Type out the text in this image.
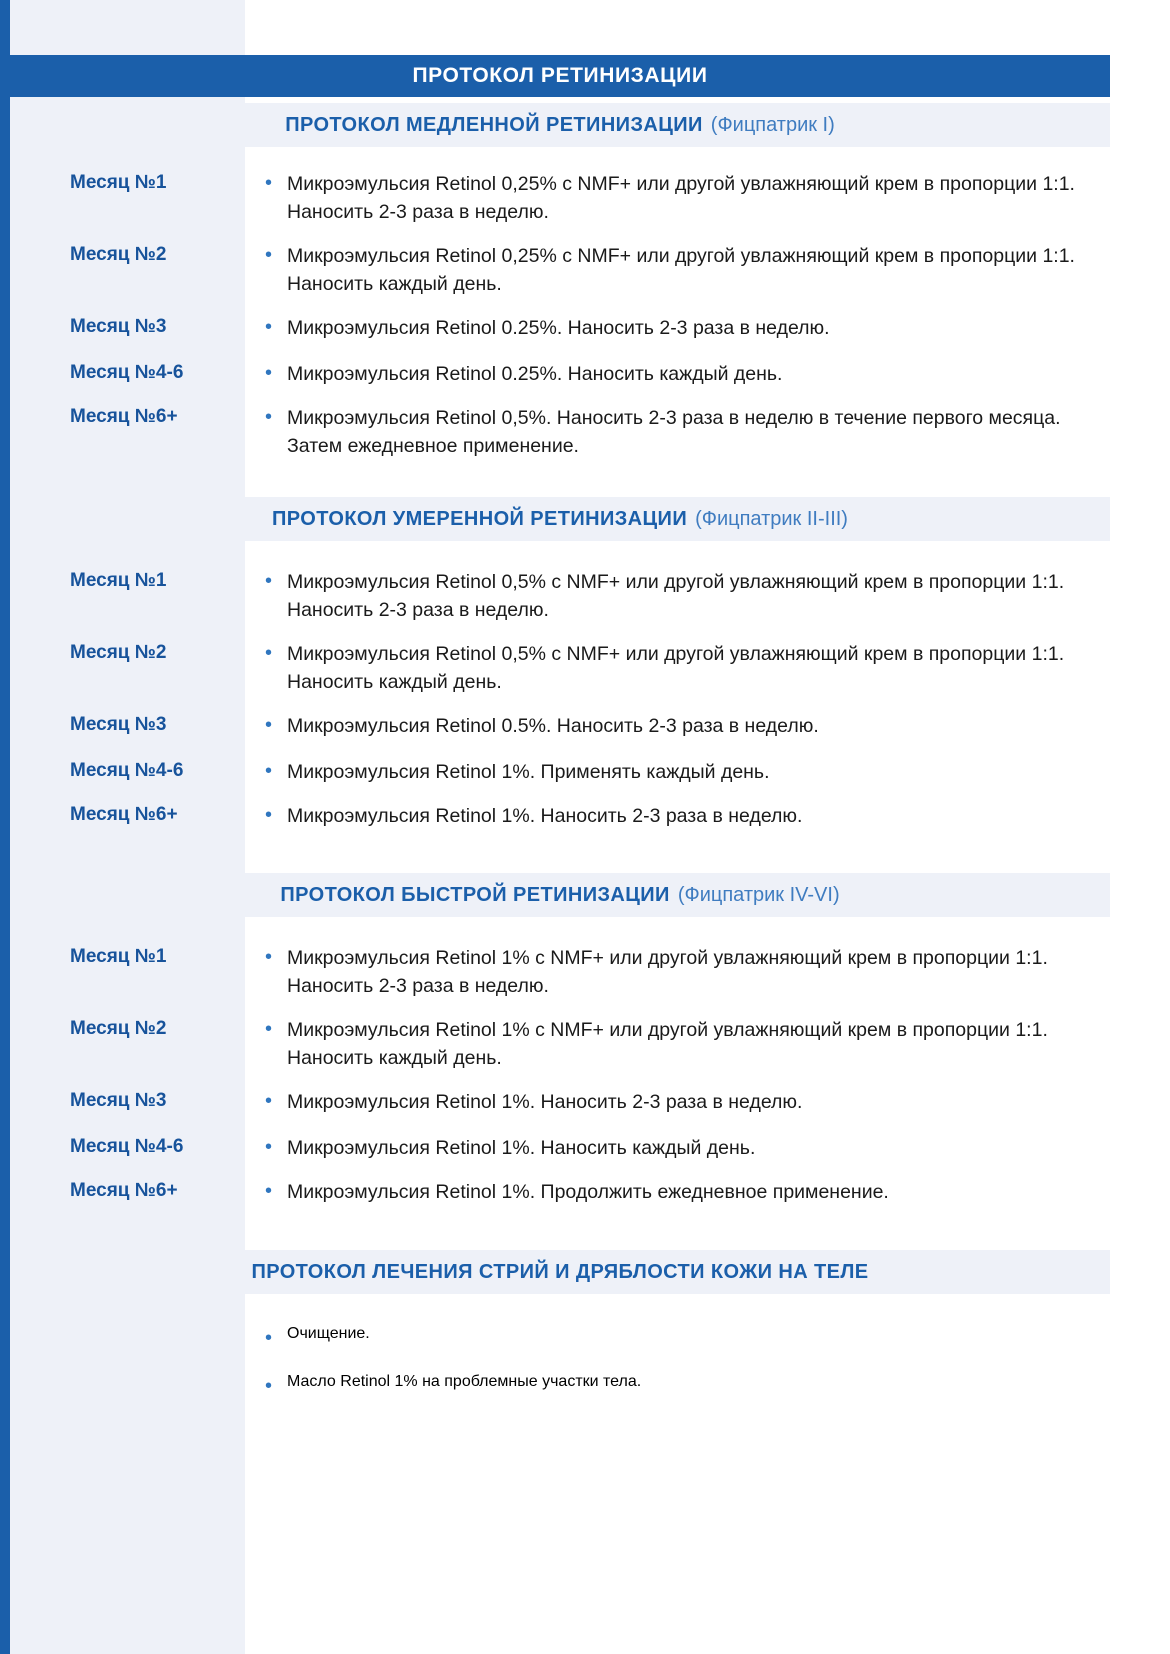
ПРОТОКОЛ РЕТИНИЗАЦИИ
ПРОТОКОЛ МЕДЛЕННОЙ РЕТИНИЗАЦИИ (Фицпатрик I)
Месяц №1	• Микроэмульсия Retinol 0,25% с NMF+ или другой увлажняющий крем в пропорции 1:1. Наносить 2-3 раза в неделю.
Месяц №2	• Микроэмульсия Retinol 0,25% с NMF+ или другой увлажняющий крем в пропорции 1:1. Наносить каждый день.
Месяц №3	• Микроэмульсия Retinol 0.25%. Наносить 2-3 раза в неделю.
Месяц №4-6	• Микроэмульсия Retinol 0.25%. Наносить каждый день.
Месяц №6+	• Микроэмульсия Retinol 0,5%. Наносить 2-3 раза в неделю в течение первого месяца. Затем ежедневное применение.
ПРОТОКОЛ УМЕРЕННОЙ РЕТИНИЗАЦИИ (Фицпатрик II-III)
Месяц №1	• Микроэмульсия Retinol 0,5% с NMF+ или другой увлажняющий крем в пропорции 1:1. Наносить 2-3 раза в неделю.
Месяц №2	• Микроэмульсия Retinol 0,5% с NMF+ или другой увлажняющий крем в пропорции 1:1. Наносить каждый день.
Месяц №3	• Микроэмульсия Retinol 0.5%. Наносить 2-3 раза в неделю.
Месяц №4-6	• Микроэмульсия Retinol 1%. Применять каждый день.
Месяц №6+	• Микроэмульсия Retinol 1%. Наносить 2-3 раза в неделю.
ПРОТОКОЛ БЫСТРОЙ РЕТИНИЗАЦИИ (Фицпатрик IV-VI)
Месяц №1	• Микроэмульсия Retinol 1% с NMF+ или другой увлажняющий крем в пропорции 1:1. Наносить 2-3 раза в неделю.
Месяц №2	• Микроэмульсия Retinol 1% с NMF+ или другой увлажняющий крем в пропорции 1:1. Наносить каждый день.
Месяц №3	• Микроэмульсия Retinol 1%. Наносить 2-3 раза в неделю.
Месяц №4-6	• Микроэмульсия Retinol 1%. Наносить каждый день.
Месяц №6+	• Микроэмульсия Retinol 1%. Продолжить ежедневное применение.
ПРОТОКОЛ ЛЕЧЕНИЯ СТРИЙ И ДРЯБЛОСТИ КОЖИ НА ТЕЛЕ
• Очищение.
• Масло Retinol 1% на проблемные участки тела.
